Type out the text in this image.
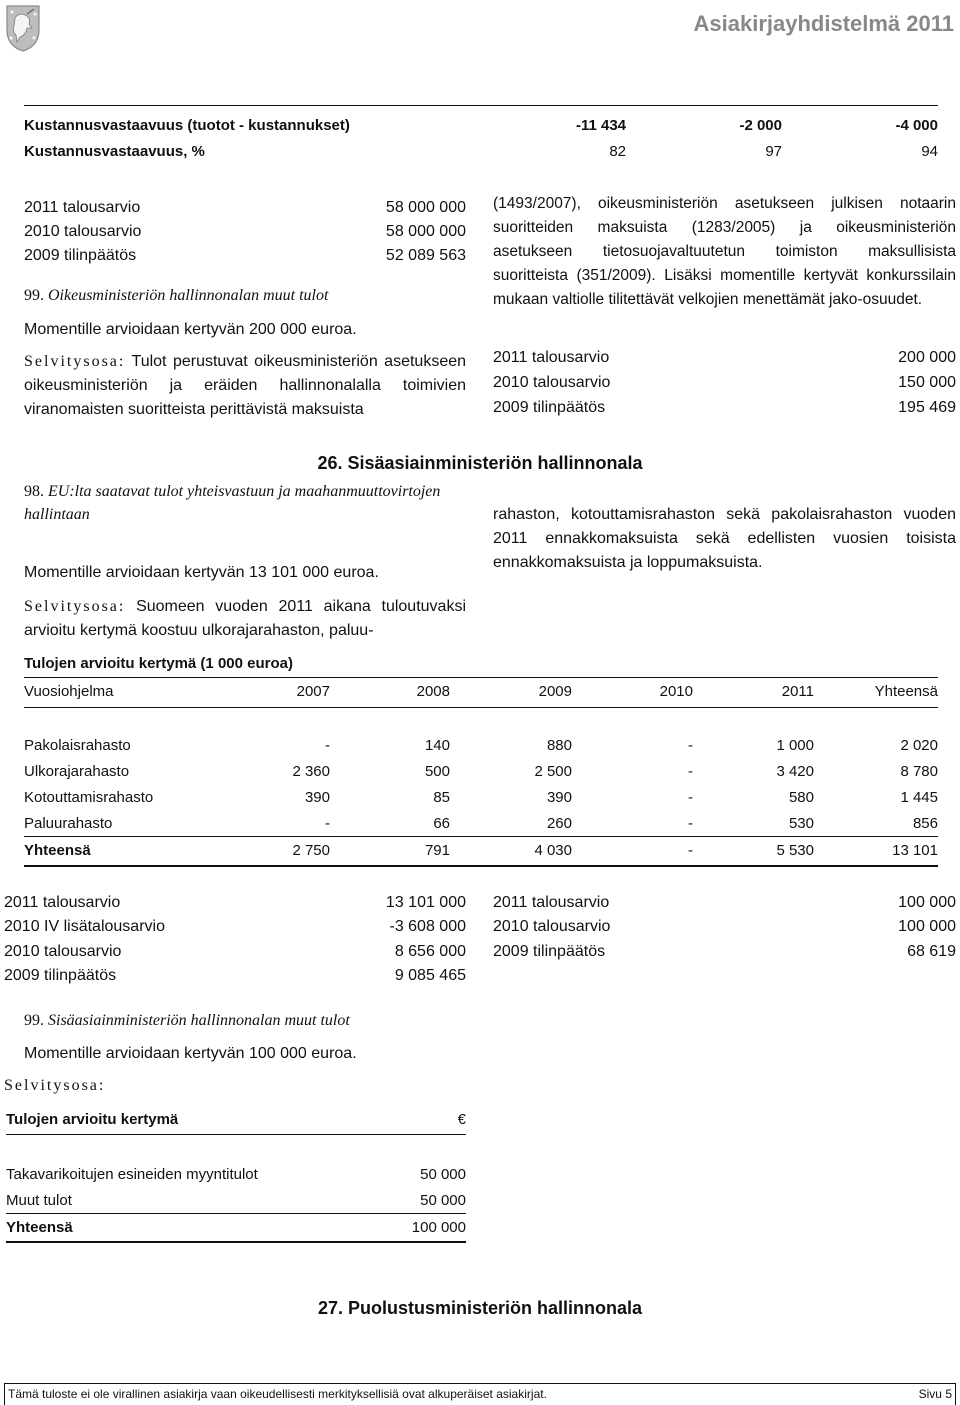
Asiakirjayhdistelmä 2011
Kustannusvastaavuus (tuotot - kustannukset)	-11 434	-2 000	-4 000
Kustannusvastaavuus, %	82	97	94
2011 talousarvio	58 000 000
2010 talousarvio	58 000 000
2009 tilinpäätös	52 089 563
99. Oikeusministeriön hallinnonalan muut tulot
Momentille arvioidaan kertyvän 200 000 euroa.
Selvitysosa: Tulot perustuvat oikeusministeriön asetukseen oikeusministeriön ja eräiden hallinnonalalla toimivien viranomaisten suoritteista perittävistä maksuista
(1493/2007), oikeusministeriön asetukseen julkisen notaarin suoritteiden maksuista (1283/2005) ja oikeusministeriön asetukseen tietosuojavaltuutetun toimiston maksullisista suoritteista (351/2009). Lisäksi momentille kertyvät konkurssilain mukaan valtiolle tilitettävät velkojien menettämät jako-osuudet.
2011 talousarvio	200 000
2010 talousarvio	150 000
2009 tilinpäätös	195 469
26. Sisäasiainministeriön hallinnonala
98. EU:lta saatavat tulot yhteisvastuun ja maahanmuuttovirtojen hallintaan
Momentille arvioidaan kertyvän 13 101 000 euroa.
Selvitysosa: Suomeen vuoden 2011 aikana tuloutuvaksi arvioitu kertymä koostuu ulkorajarahaston, paluu-
rahaston, kotouttamisrahaston sekä pakolaisrahaston vuoden 2011 ennakkomaksuista sekä edellisten vuosien toisista ennakkomaksuista ja loppumaksuista.
Tulojen arvioitu kertymä (1 000 euroa)
Vuosiohjelma	2007	2008	2009	2010	2011	Yhteensä
Pakolaisrahasto	-	140	880	-	1 000	2 020
Ulkorajarahasto	2 360	500	2 500	-	3 420	8 780
Kotouttamisrahasto	390	85	390	-	580	1 445
Paluurahasto	-	66	260	-	530	856
Yhteensä	2 750	791	4 030	-	5 530	13 101
2011 talousarvio	13 101 000
2010 IV lisätalousarvio	-3 608 000
2010 talousarvio	8 656 000
2009 tilinpäätös	9 085 465
99. Sisäasiainministeriön hallinnonalan muut tulot
Momentille arvioidaan kertyvän 100 000 euroa.
Selvitysosa:
2011 talousarvio	100 000
2010 talousarvio	100 000
2009 tilinpäätös	68 619
Tulojen arvioitu kertymä	€
Takavarikoitujen esineiden myyntitulot	50 000
Muut tulot	50 000
Yhteensä	100 000
27. Puolustusministeriön hallinnonala
Tämä tuloste ei ole virallinen asiakirja vaan oikeudellisesti merkityksellisiä ovat alkuperäiset asiakirjat.	Sivu 5
